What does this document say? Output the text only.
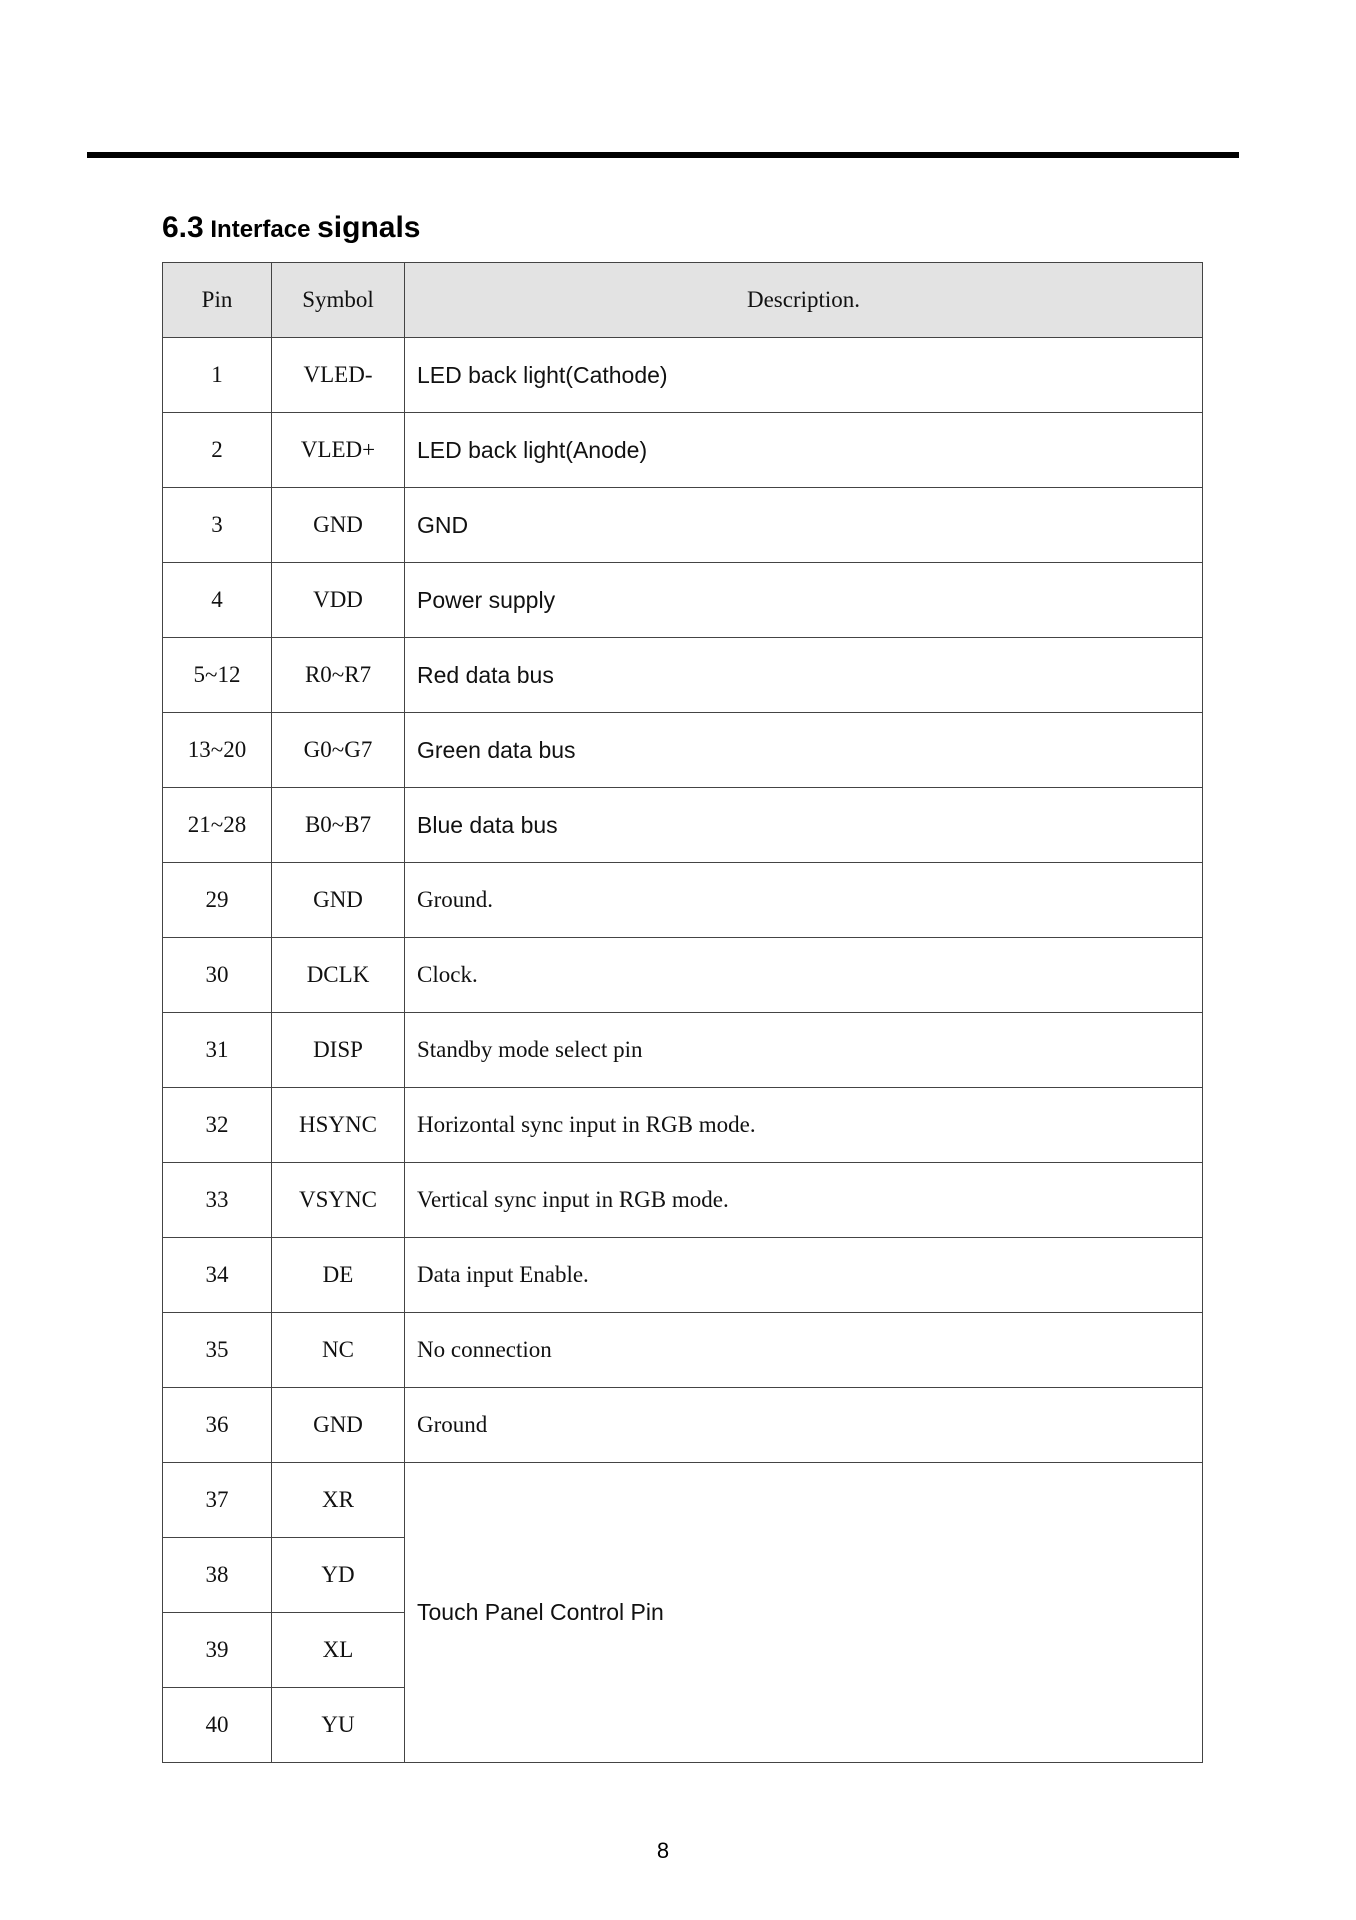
6.3 Interface signals
Pin	Symbol	Description.
1	VLED-	LED back light(Cathode)
2	VLED+	LED back light(Anode)
3	GND	GND
4	VDD	Power supply
5~12	R0~R7	Red data bus
13~20	G0~G7	Green data bus
21~28	B0~B7	Blue data bus
29	GND	Ground.
30	DCLK	Clock.
31	DISP	Standby mode select pin
32	HSYNC	Horizontal sync input in RGB mode.
33	VSYNC	Vertical sync input in RGB mode.
34	DE	Data input Enable.
35	NC	No connection
36	GND	Ground
37	XR	Touch Panel Control Pin
38	YD	
39	XL	
40	YU	
8
